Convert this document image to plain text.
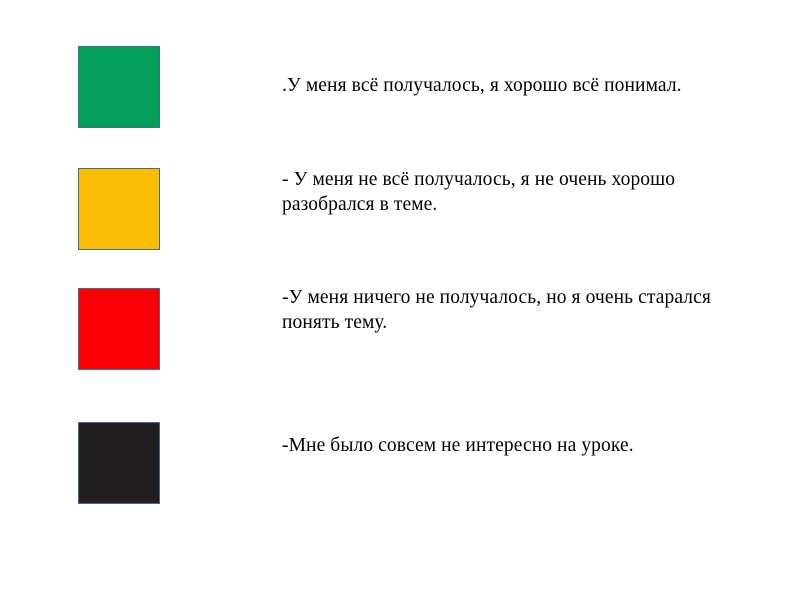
.У меня всё получалось, я хорошо всё понимал.
- У меня не всё получалось, я не очень хорошо разобрался в теме.
-У меня ничего не получалось, но я очень старался понять тему.
-Мне было совсем не интересно на уроке.
